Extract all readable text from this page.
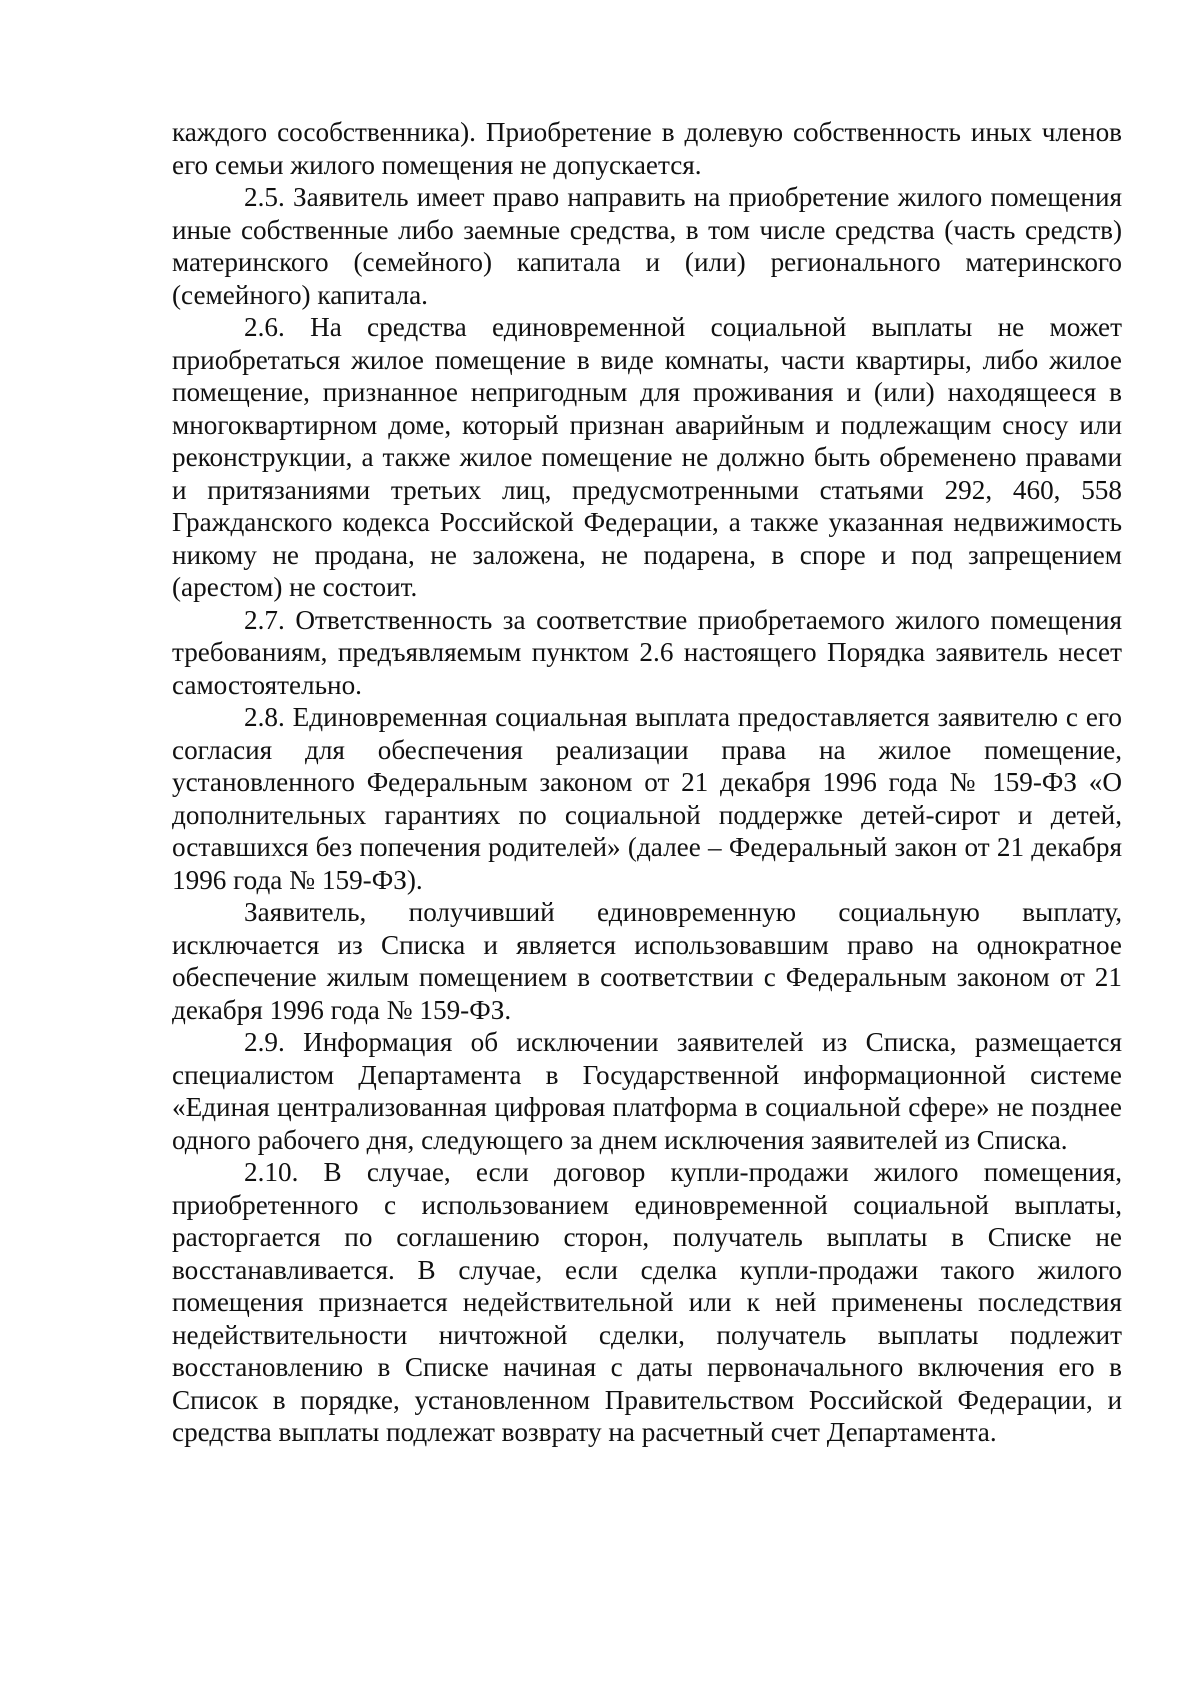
каждого сособственника). Приобретение в долевую собственность иных членов его семьи жилого помещения не допускается.

2.5. Заявитель имеет право направить на приобретение жилого помещения иные собственные либо заемные средства, в том числе средства (часть средств) материнского (семейного) капитала и (или) регионального материнского (семейного) капитала.

2.6. На средства единовременной социальной выплаты не может приобретаться жилое помещение в виде комнаты, части квартиры, либо жилое помещение, признанное непригодным для проживания и (или) находящееся в многоквартирном доме, который признан аварийным и подлежащим сносу или реконструкции, а также жилое помещение не должно быть обременено правами и притязаниями третьих лиц, предусмотренными статьями 292, 460, 558 Гражданского кодекса Российской Федерации, а также указанная недвижимость никому не продана, не заложена, не подарена, в споре и под запрещением (арестом) не состоит.

2.7. Ответственность за соответствие приобретаемого жилого помещения требованиям, предъявляемым пунктом 2.6 настоящего Порядка заявитель несет самостоятельно.

2.8. Единовременная социальная выплата предоставляется заявителю с его согласия для обеспечения реализации права на жилое помещение, установленного Федеральным законом от 21 декабря 1996 года № 159-ФЗ «О дополнительных гарантиях по социальной поддержке детей-сирот и детей, оставшихся без попечения родителей» (далее – Федеральный закон от 21 декабря 1996 года № 159-ФЗ).

Заявитель, получивший единовременную социальную выплату, исключается из Списка и является использовавшим право на однократное обеспечение жилым помещением в соответствии с Федеральным законом от 21 декабря 1996 года № 159-ФЗ.

2.9. Информация об исключении заявителей из Списка, размещается специалистом Департамента в Государственной информационной системе «Единая централизованная цифровая платформа в социальной сфере» не позднее одного рабочего дня, следующего за днем исключения заявителей из Списка.

2.10. В случае, если договор купли-продажи жилого помещения, приобретенного с использованием единовременной социальной выплаты, расторгается по соглашению сторон, получатель выплаты в Списке не восстанавливается. В случае, если сделка купли-продажи такого жилого помещения признается недействительной или к ней применены последствия недействительности ничтожной сделки, получатель выплаты подлежит восстановлению в Списке начиная с даты первоначального включения его в Список в порядке, установленном Правительством Российской Федерации, и средства выплаты подлежат возврату на расчетный счет Департамента.
